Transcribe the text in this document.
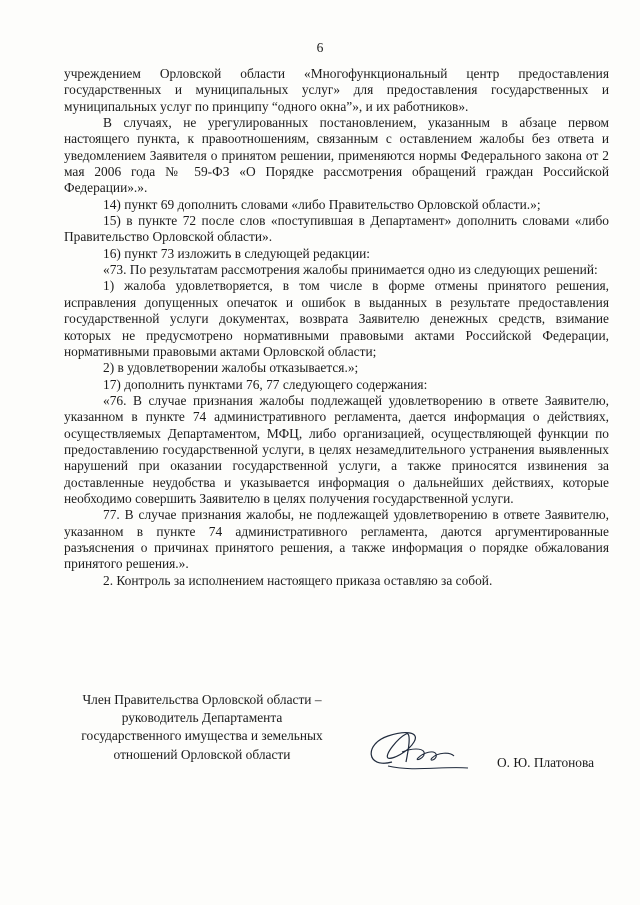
6

учреждением Орловской области «Многофункциональный центр предоставления государственных и муниципальных услуг» для предоставления государственных и муниципальных услуг по принципу “одного окна”», и их работников».

В случаях, не урегулированных постановлением, указанным в абзаце первом настоящего пункта, к правоотношениям, связанным с оставлением жалобы без ответа и уведомлением Заявителя о принятом решении, применяются нормы Федерального закона от 2 мая 2006 года № 59-ФЗ «О Порядке рассмотрения обращений граждан Российской Федерации».».

14) пункт 69 дополнить словами «либо Правительство Орловской области.»;

15) в пункте 72 после слов «поступившая в Департамент» дополнить словами «либо Правительство Орловской области».

16) пункт 73 изложить в следующей редакции:

«73. По результатам рассмотрения жалобы принимается одно из следующих решений:

1) жалоба удовлетворяется, в том числе в форме отмены принятого решения, исправления допущенных опечаток и ошибок в выданных в результате предоставления государственной услуги документах, возврата Заявителю денежных средств, взимание которых не предусмотрено нормативными правовыми актами Российской Федерации, нормативными правовыми актами Орловской области;

2) в удовлетворении жалобы отказывается.»;

17) дополнить пунктами 76, 77 следующего содержания:

«76. В случае признания жалобы подлежащей удовлетворению в ответе Заявителю, указанном в пункте 74 административного регламента, дается информация о действиях, осуществляемых Департаментом, МФЦ, либо организацией, осуществляющей функции по предоставлению государственной услуги, в целях незамедлительного устранения выявленных нарушений при оказании государственной услуги, а также приносятся извинения за доставленные неудобства и указывается информация о дальнейших действиях, которые необходимо совершить Заявителю в целях получения государственной услуги.

77. В случае признания жалобы, не подлежащей удовлетворению в ответе Заявителю, указанном в пункте 74 административного регламента, даются аргументированные разъяснения о причинах принятого решения, а также информация о порядке обжалования принятого решения.».

2. Контроль за исполнением настоящего приказа оставляю за собой.

Член Правительства Орловской области –
руководитель Департамента
государственного имущества и земельных
отношений Орловской области
О. Ю. Платонова
